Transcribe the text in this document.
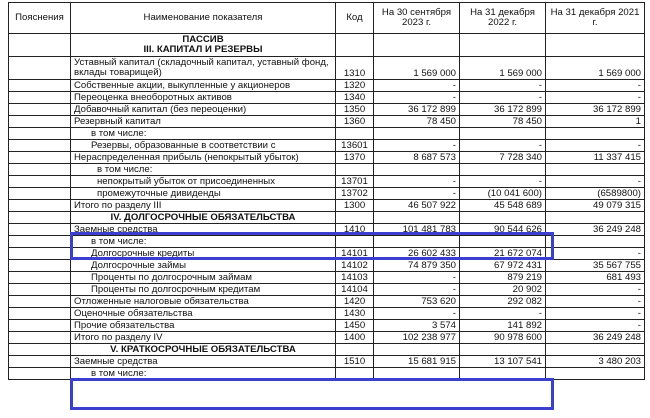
Пояснения	Наименование показателя	Код	На 30 сентября 2023 г.	На 31 декабря 2022 г.	На 31 декабря 2021 г.
	ПАССИВ
III. КАПИТАЛ И РЕЗЕРВЫ				
	Уставный капитал (складочный капитал, уставный фонд, вклады товарищей)	1310	1 569 000	1 569 000	1 569 000
	Собственные акции, выкупленные у акционеров	1320	-	-	-
	Переоценка внеоборотных активов	1340	-	-	-
	Добавочный капитал (без переоценки)	1350	36 172 899	36 172 899	36 172 899
	Резервный капитал	1360	78 450	78 450	1
	в том числе:				
	Резервы, образованные в соответствии с	13601	-	-	-
	Нераспределенная прибыль (непокрытый убыток)	1370	8 687 573	7 728 340	11 337 415
	в том числе:				
	непокрытый убыток от присоединенных	13701	-	-	-
	промежуточные дивиденды	13702	-	(10 041 600)	(6589800)
	Итого по разделу III	1300	46 507 922	45 548 689	49 079 315
	IV. ДОЛГОСРОЧНЫЕ ОБЯЗАТЕЛЬСТВА				
	Заемные средства	1410	101 481 783	90 544 626	36 249 248
	в том числе:				
	Долгосрочные кредиты	14101	26 602 433	21 672 074	-
	Долгосрочные займы	14102	74 879 350	67 972 431	35 567 755
	Проценты по долгосрочным займам	14103	-	879 219	681 493
	Проценты по долгосрочным кредитам	14104	-	20 902	-
	Отложенные налоговые обязательства	1420	753 620	292 082	-
	Оценочные обязательства	1430	-	-	-
	Прочие обязательства	1450	3 574	141 892	-
	Итого по разделу IV	1400	102 238 977	90 978 600	36 249 248
	V. КРАТКОСРОЧНЫЕ ОБЯЗАТЕЛЬСТВА				
	Заемные средства	1510	15 681 915	13 107 541	3 480 203
	в том числе:				
